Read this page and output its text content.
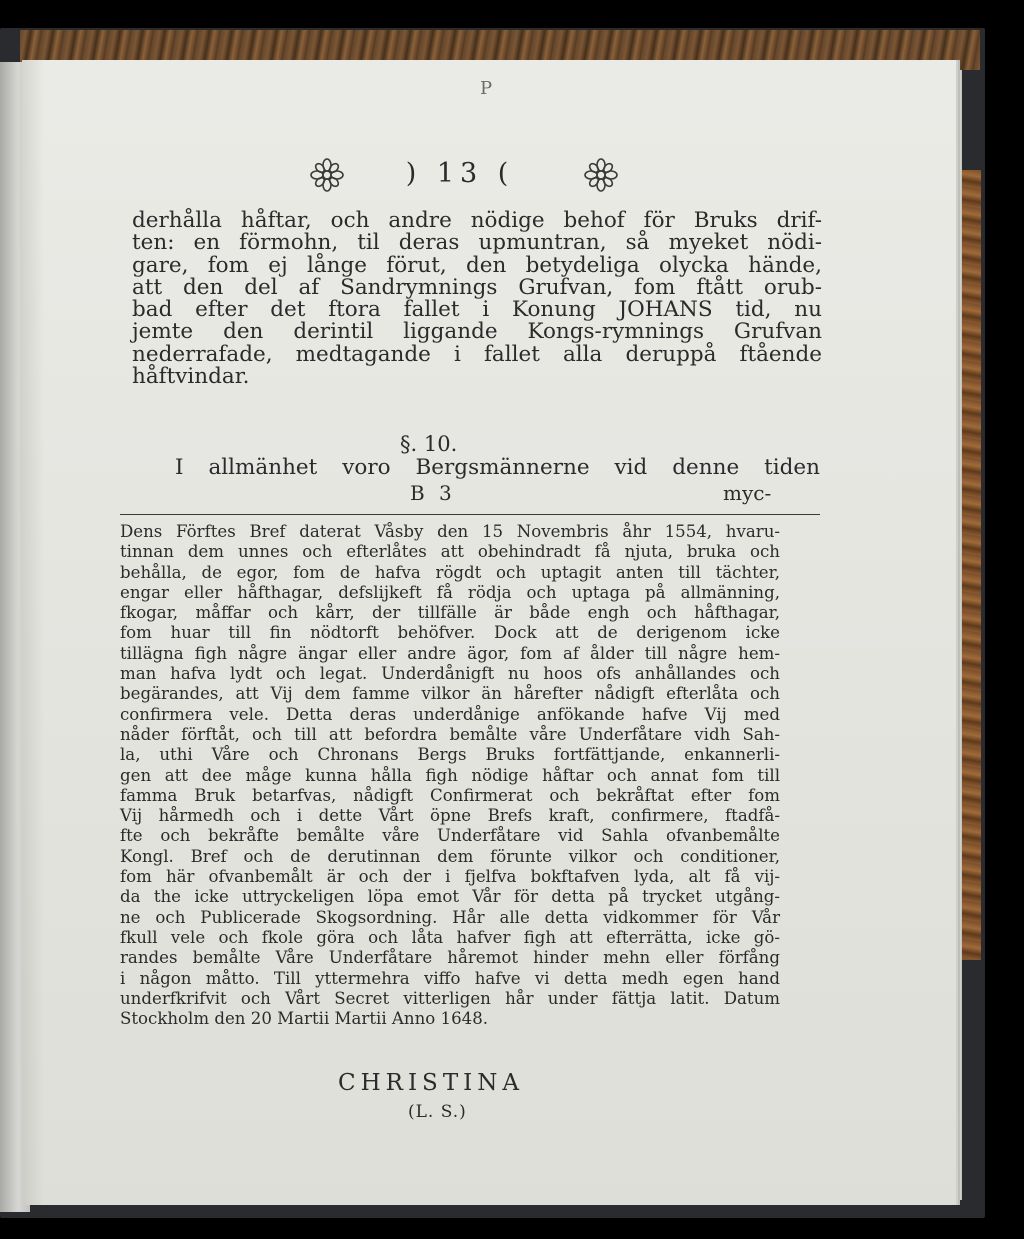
P
) 13 (
derhålla håftar, och andre nödige behof för Bruks drif-
ten: en förmohn, til deras upmuntran, så myeket nödi-
gare, fom ej långe förut, den betydeliga olycka hände,
att den del af Sandrymnings Grufvan, fom ftått orub-
bad efter det ftora fallet i Konung JOHANS tid, nu
jemte den derintil liggande Kongs-rymnings Grufvan
nederrafade, medtagande i fallet alla deruppå ftående
håftvindar.
§. 10.
I allmänhet voro Bergsmännerne vid denne tiden
B 3	myc-
Dens Förftes Bref daterat Våsby den 15 Novembris åhr 1554, hvaru-
tinnan dem unnes och efterlåtes att obehindradt få njuta, bruka och
behålla, de egor, fom de hafva rögdt och uptagit anten till tächter,
engar eller håfthagar, defslijkeft få rödja och uptaga på allmänning,
fkogar, måffar och kårr, der tillfälle är både engh och håfthagar,
fom huar till fin nödtorft behöfver. Dock att de derigenom icke
tillägna figh någre ängar eller andre ägor, fom af ålder till någre hem-
man hafva lydt och legat. Underdånigft nu hoos ofs anhållandes och
begärandes, att Vij dem famme vilkor än hårefter nådigft efterlåta och
confirmera vele. Detta deras underdånige anfökande hafve Vij med
nåder förftåt, och till att befordra bemålte våre Underfåtare vidh Sah-
la, uthi Våre och Chronans Bergs Bruks fortfättjande, enkannerli-
gen att dee måge kunna hålla figh nödige håftar och annat fom till
famma Bruk betarfvas, nådigft Confirmerat och bekråftat efter fom
Vij hårmedh och i dette Vårt öpne Brefs kraft, confirmere, ftadfå-
fte och bekråfte bemålte våre Underfåtare vid Sahla ofvanbemålte
Kongl. Bref och de derutinnan dem förunte vilkor och conditioner,
fom här ofvanbemålt är och der i fjelfva bokftafven lyda, alt få vij-
da the icke uttryckeligen löpa emot Vår för detta på trycket utgång-
ne och Publicerade Skogsordning. Hår alle detta vidkommer för Vår
fkull vele och fkole göra och låta hafver figh att efterrätta, icke gö-
randes bemålte Våre Underfåtare håremot hinder mehn eller förfång
i någon måtto. Till yttermehra viffo hafve vi detta medh egen hand
underfkrifvit och Vårt Secret vitterligen hår under fättja latit. Datum
Stockholm den 20 Martii Martii Anno 1648.
CHRISTINA
(L. S.)
